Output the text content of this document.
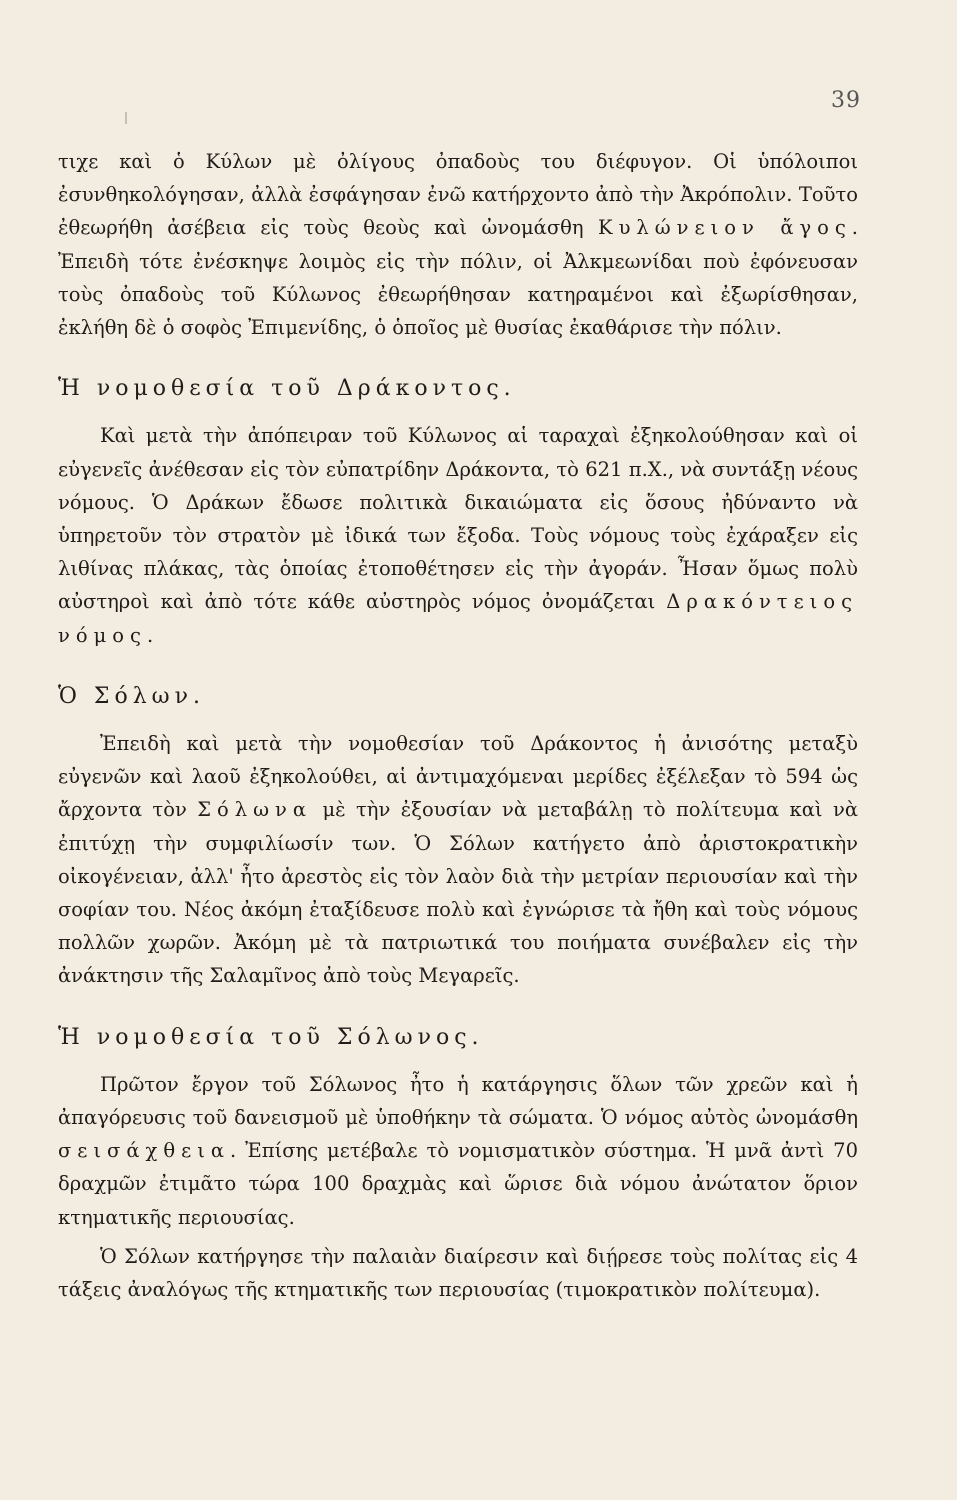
39

τιχε καὶ ὁ Κύλων μὲ ὀλίγους ὀπαδοὺς του διέφυγον. Οἱ ὑπόλοιποι ἐσυνθηκολόγησαν, ἀλλὰ ἐσφάγησαν ἐνῶ κατήρχοντο ἀπὸ τὴν Ἀκρόπολιν. Τοῦτο ἐθεωρήθη ἀσέβεια εἰς τοὺς θεοὺς καὶ ὠνομάσθη Κυλώνειον ἄγος. Ἐπειδὴ τότε ἐνέσκηψε λοιμὸς εἰς τὴν πόλιν, οἱ Ἀλκμεωνίδαι ποὺ ἐφόνευσαν τοὺς ὀπαδοὺς τοῦ Κύλωνος ἐθεωρήθησαν κατηραμένοι καὶ ἐξωρίσθησαν, ἐκλήθη δὲ ὁ σοφὸς Ἐπιμενίδης, ὁ ὁποῖος μὲ θυσίας ἐκαθάρισε τὴν πόλιν.

Ἡ νομοθεσία τοῦ Δράκοντος.

Καὶ μετὰ τὴν ἀπόπειραν τοῦ Κύλωνος αἱ ταραχαὶ ἐξηκολούθησαν καὶ οἱ εὐγενεῖς ἀνέθεσαν εἰς τὸν εὐπατρίδην Δράκοντα, τὸ 621 π.Χ., νὰ συντάξῃ νέους νόμους. Ὁ Δράκων ἔδωσε πολιτικὰ δικαιώματα εἰς ὅσους ἠδύναντο νὰ ὑπηρετοῦν τὸν στρατὸν μὲ ἰδικά των ἔξοδα. Τοὺς νόμους τοὺς ἐχάραξεν εἰς λιθίνας πλάκας, τὰς ὁποίας ἐτοποθέτησεν εἰς τὴν ἀγοράν. Ἦσαν ὅμως πολὺ αὐστηροὶ καὶ ἀπὸ τότε κάθε αὐστηρὸς νόμος ὀνομάζεται Δρακόντειος νόμος.

Ὁ Σόλων.

Ἐπειδὴ καὶ μετὰ τὴν νομοθεσίαν τοῦ Δράκοντος ἡ ἀνισότης μεταξὺ εὐγενῶν καὶ λαοῦ ἐξηκολούθει, αἱ ἀντιμαχόμεναι μερίδες ἐξέλεξαν τὸ 594 ὡς ἄρχοντα τὸν Σόλωνα μὲ τὴν ἐξουσίαν νὰ μεταβάλῃ τὸ πολίτευμα καὶ νὰ ἐπιτύχῃ τὴν συμφιλίωσίν των. Ὁ Σόλων κατήγετο ἀπὸ ἀριστοκρατικὴν οἰκογένειαν, ἀλλ' ἦτο ἀρεστὸς εἰς τὸν λαὸν διὰ τὴν μετρίαν περιουσίαν καὶ τὴν σοφίαν του. Νέος ἀκόμη ἐταξίδευσε πολὺ καὶ ἐγνώρισε τὰ ἤθη καὶ τοὺς νόμους πολλῶν χωρῶν. Ἀκόμη μὲ τὰ πατριωτικά του ποιήματα συνέβαλεν εἰς τὴν ἀνάκτησιν τῆς Σαλαμῖνος ἀπὸ τοὺς Μεγαρεῖς.

Ἡ νομοθεσία τοῦ Σόλωνος.

Πρῶτον ἔργον τοῦ Σόλωνος ἦτο ἡ κατάργησις ὅλων τῶν χρεῶν καὶ ἡ ἀπαγόρευσις τοῦ δανεισμοῦ μὲ ὑποθήκην τὰ σώματα. Ὁ νόμος αὐτὸς ὠνομάσθη σεισάχθεια. Ἐπίσης μετέβαλε τὸ νομισματικὸν σύστημα. Ἡ μνᾶ ἀντὶ 70 δραχμῶν ἐτιμᾶτο τώρα 100 δραχμὰς καὶ ὥρισε διὰ νόμου ἀνώτατον ὅριον κτηματικῆς περιουσίας.

Ὁ Σόλων κατήργησε τὴν παλαιὰν διαίρεσιν καὶ διῄρεσε τοὺς πολίτας εἰς 4 τάξεις ἀναλόγως τῆς κτηματικῆς των περιουσίας (τιμοκρατικὸν πολίτευμα).
